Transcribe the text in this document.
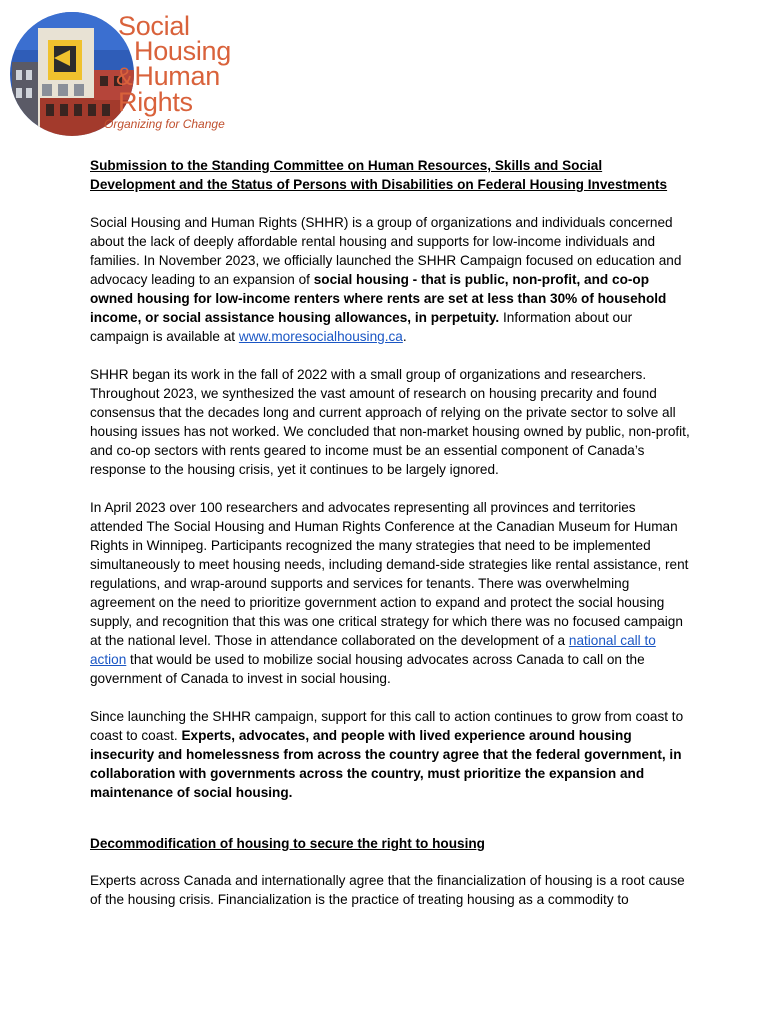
Social
Housing
&Human
Rights
Organizing for Change

Submission to the Standing Committee on Human Resources, Skills and Social Development and the Status of Persons with Disabilities on Federal Housing Investments

Social Housing and Human Rights (SHHR) is a group of organizations and individuals concerned about the lack of deeply affordable rental housing and supports for low-income individuals and families. In November 2023, we officially launched the SHHR Campaign focused on education and advocacy leading to an expansion of social housing - that is public, non-profit, and co-op owned housing for low-income renters where rents are set at less than 30% of household income, or social assistance housing allowances, in perpetuity. Information about our campaign is available at www.moresocialhousing.ca.

SHHR began its work in the fall of 2022 with a small group of organizations and researchers. Throughout 2023, we synthesized the vast amount of research on housing precarity and found consensus that the decades long and current approach of relying on the private sector to solve all housing issues has not worked. We concluded that non-market housing owned by public, non-profit, and co-op sectors with rents geared to income must be an essential component of Canada’s response to the housing crisis, yet it continues to be largely ignored.

In April 2023 over 100 researchers and advocates representing all provinces and territories attended The Social Housing and Human Rights Conference at the Canadian Museum for Human Rights in Winnipeg. Participants recognized the many strategies that need to be implemented simultaneously to meet housing needs, including demand-side strategies like rental assistance, rent regulations, and wrap-around supports and services for tenants. There was overwhelming agreement on the need to prioritize government action to expand and protect the social housing supply, and recognition that this was one critical strategy for which there was no focused campaign at the national level. Those in attendance collaborated on the development of a national call to action that would be used to mobilize social housing advocates across Canada to call on the government of Canada to invest in social housing.

Since launching the SHHR campaign, support for this call to action continues to grow from coast to coast to coast. Experts, advocates, and people with lived experience around housing insecurity and homelessness from across the country agree that the federal government, in collaboration with governments across the country, must prioritize the expansion and maintenance of social housing.

Decommodification of housing to secure the right to housing

Experts across Canada and internationally agree that the financialization of housing is a root cause of the housing crisis. Financialization is the practice of treating housing as a commodity to
